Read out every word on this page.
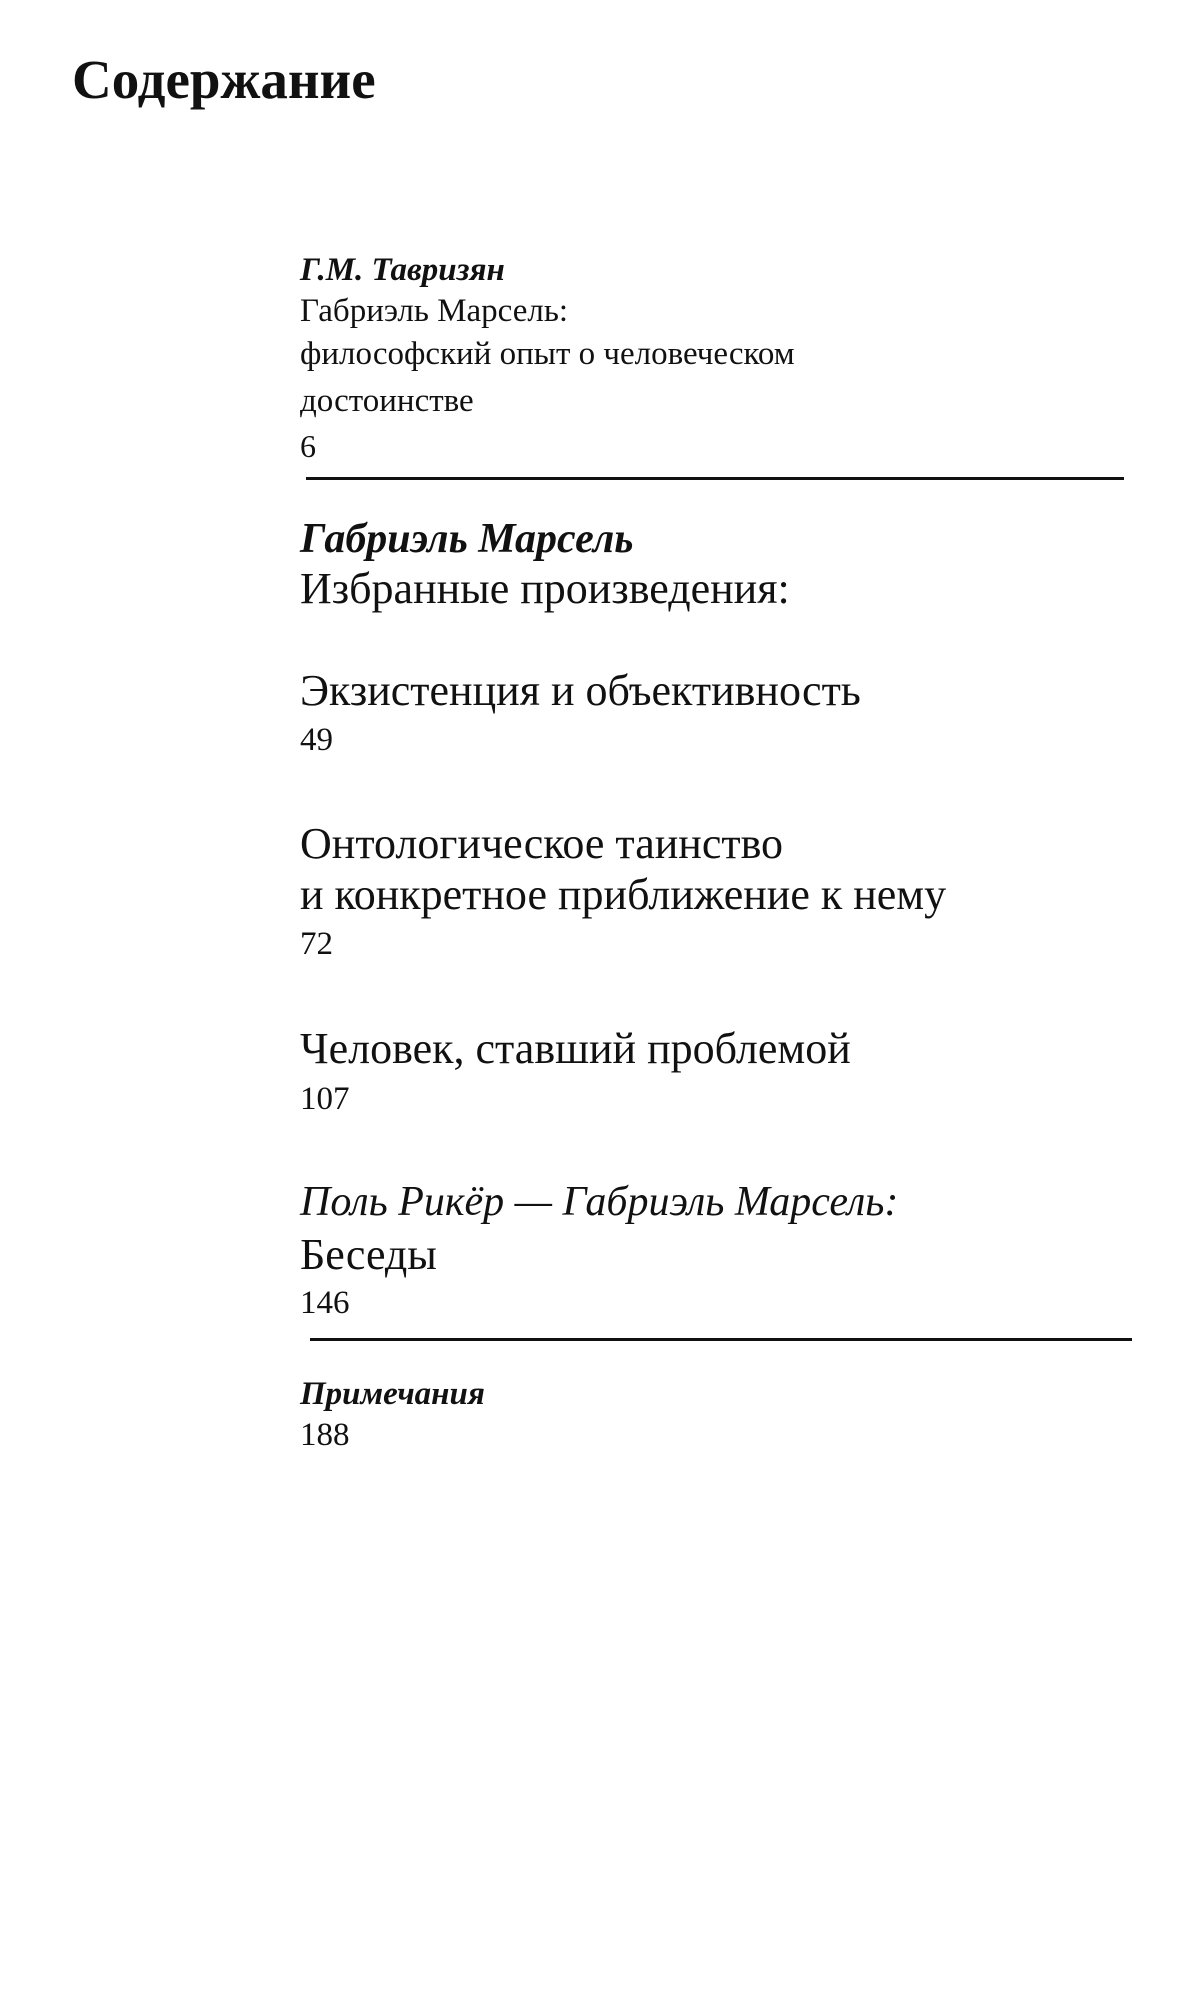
Содержание
Г.М. Тавризян
Габриэль Марсель:
философский опыт о человеческом
достоинстве
6
Габриэль Марсель
Избранные произведения:
Экзистенция и объективность
49
Онтологическое таинство
и конкретное приближение к нему
72
Человек, ставший проблемой
107
Поль Рикёр — Габриэль Марсель:
Беседы
146
Примечания
188
